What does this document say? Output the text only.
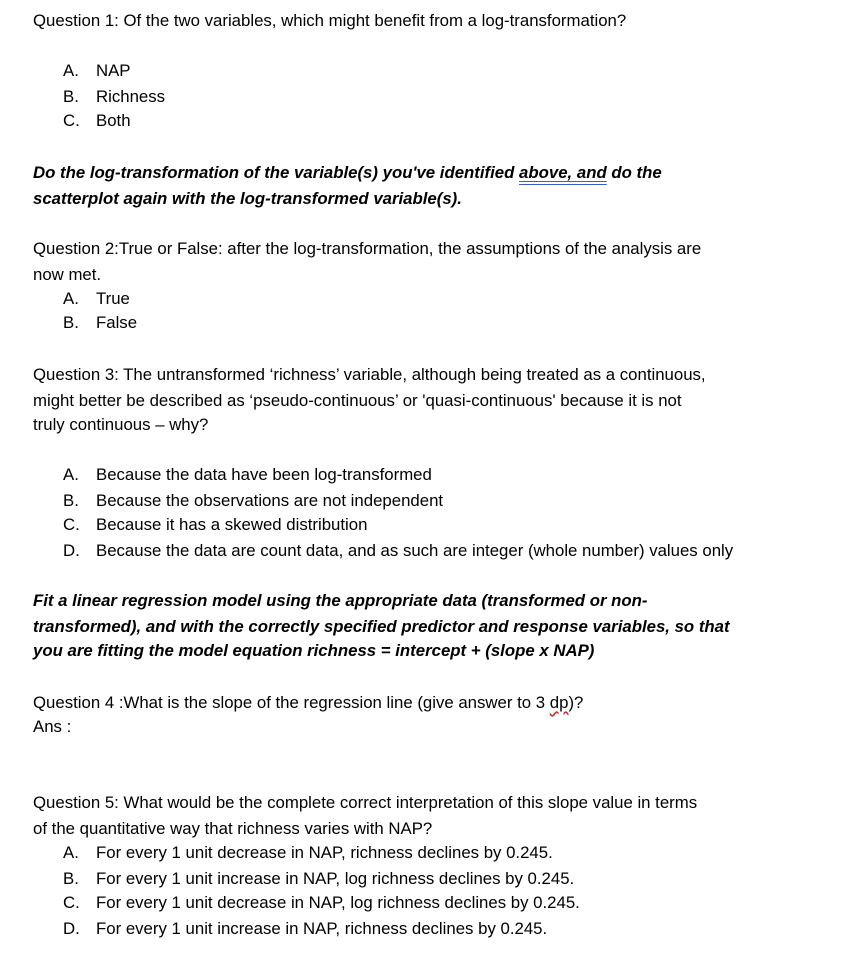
Question 1: Of the two variables, which might benefit from a log-transformation?
A. NAP
B. Richness
C. Both
Do the log-transformation of the variable(s) you've identified above, and do the
scatterplot again with the log-transformed variable(s).
Question 2:True or False: after the log-transformation, the assumptions of the analysis are
now met.
A. True
B. False
Question 3: The untransformed ‘richness’ variable, although being treated as a continuous,
might better be described as ‘pseudo-continuous’ or 'quasi-continuous' because it is not
truly continuous – why?
A. Because the data have been log-transformed
B. Because the observations are not independent
C. Because it has a skewed distribution
D. Because the data are count data, and as such are integer (whole number) values only
Fit a linear regression model using the appropriate data (transformed or non-
transformed), and with the correctly specified predictor and response variables, so that
you are fitting the model equation richness = intercept + (slope x NAP)
Question 4 :What is the slope of the regression line (give answer to 3 dp)?
Ans :
Question 5: What would be the complete correct interpretation of this slope value in terms
of the quantitative way that richness varies with NAP?
A. For every 1 unit decrease in NAP, richness declines by 0.245.
B. For every 1 unit increase in NAP, log richness declines by 0.245.
C. For every 1 unit decrease in NAP, log richness declines by 0.245.
D. For every 1 unit increase in NAP, richness declines by 0.245.
